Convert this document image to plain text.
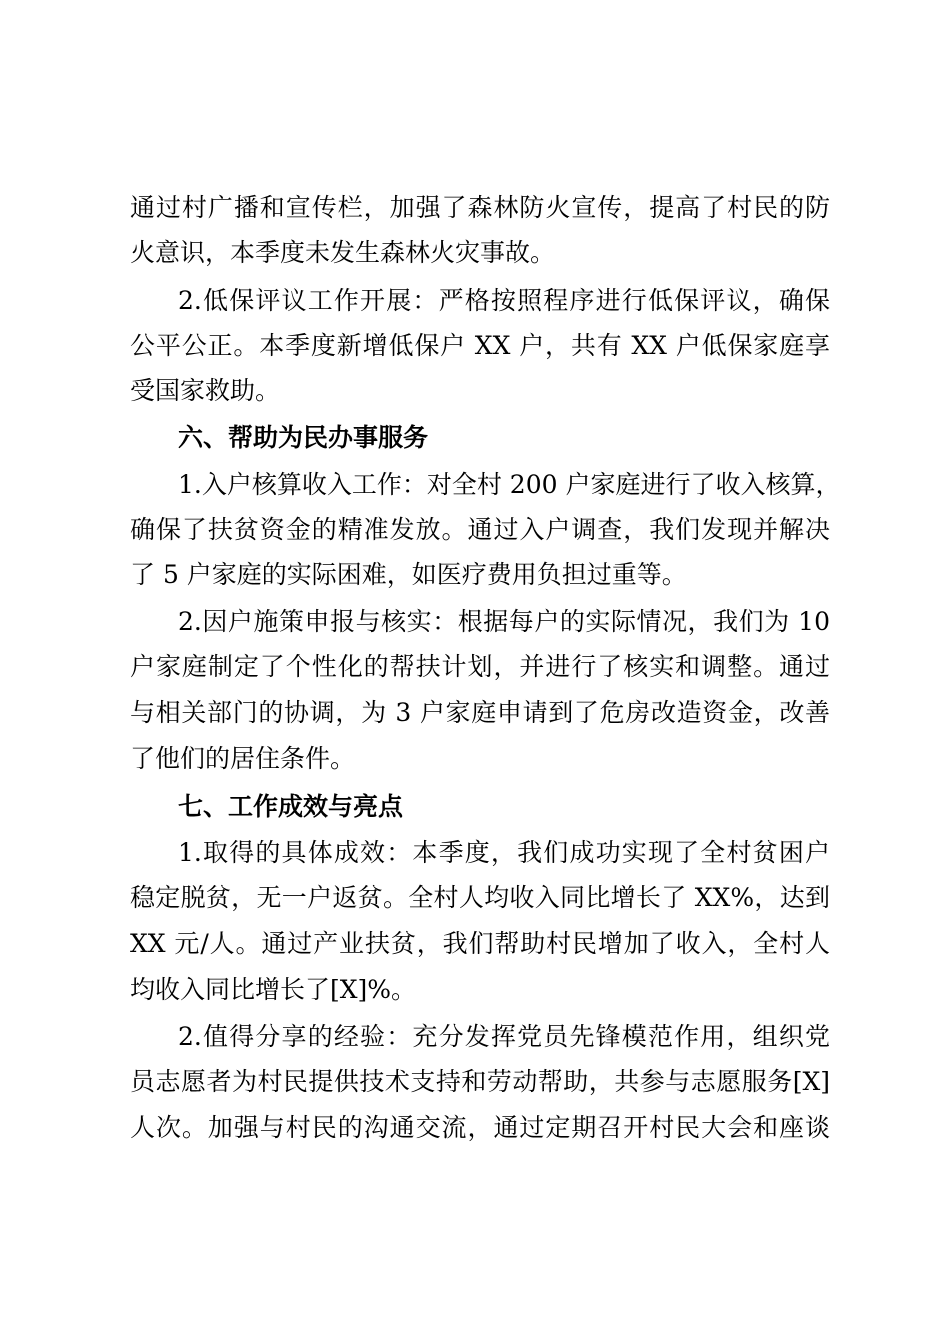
通过村广播和宣传栏，加强了森林防火宣传，提高了村民的防
火意识，本季度未发生森林火灾事故。
2.低保评议工作开展：严格按照程序进行低保评议，确保
公平公正。本季度新增低保户 XX 户，共有 XX 户低保家庭享
受国家救助。
六、帮助为民办事服务
1.入户核算收入工作：对全村 200 户家庭进行了收入核算，
确保了扶贫资金的精准发放。通过入户调查，我们发现并解决
了 5 户家庭的实际困难，如医疗费用负担过重等。
2.因户施策申报与核实：根据每户的实际情况，我们为 10
户家庭制定了个性化的帮扶计划，并进行了核实和调整。通过
与相关部门的协调，为 3 户家庭申请到了危房改造资金，改善
了他们的居住条件。
七、工作成效与亮点
1.取得的具体成效：本季度，我们成功实现了全村贫困户
稳定脱贫，无一户返贫。全村人均收入同比增长了 XX%，达到
XX 元/人。通过产业扶贫，我们帮助村民增加了收入，全村人
均收入同比增长了[X]%。
2.值得分享的经验：充分发挥党员先锋模范作用，组织党
员志愿者为村民提供技术支持和劳动帮助，共参与志愿服务[X]
人次。加强与村民的沟通交流，通过定期召开村民大会和座谈
